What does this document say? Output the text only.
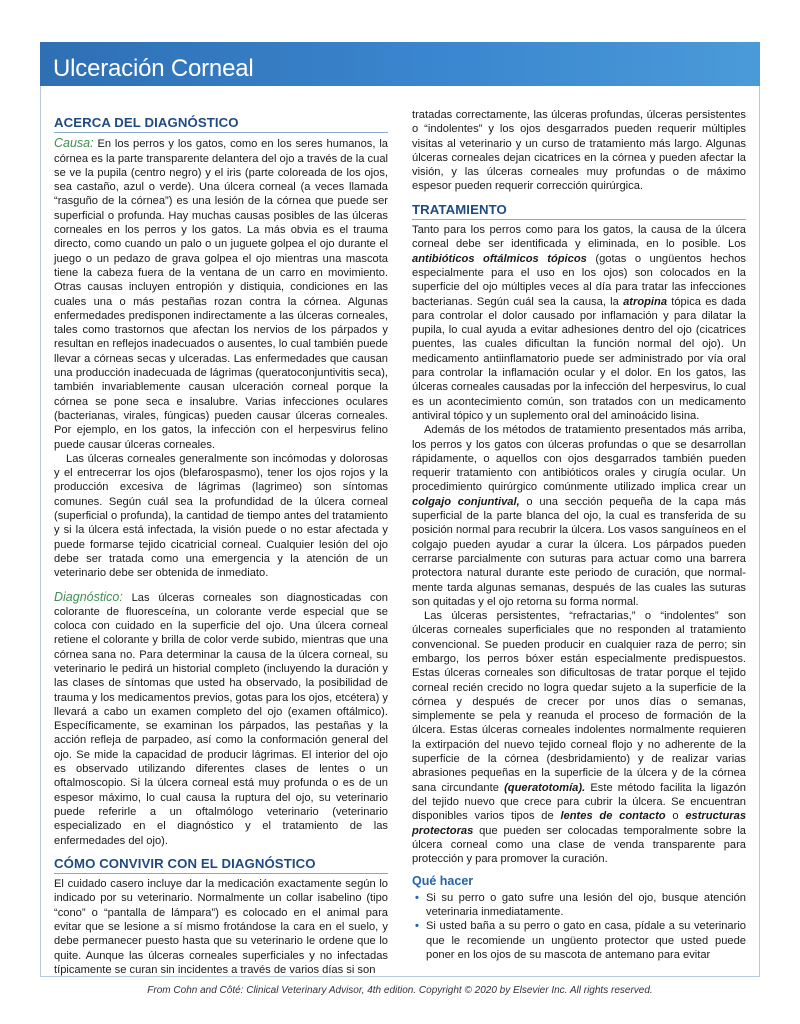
Ulceración Corneal
ACERCA DEL DIAGNÓSTICO

Causa: En los perros y los gatos, como en los seres humanos, la córnea es la parte transparente delantera del ojo a través de la cual se ve la pupila (centro negro) y el iris (parte coloreada de los ojos, sea castaño, azul o verde). Una úlcera corneal (a veces llamada “rasguño de la córnea”) es una lesión de la córnea que puede ser superficial o profunda. Hay muchas causas posibles de las úlceras corneales en los perros y los gatos. La más obvia es el trauma directo, como cuando un palo o un juguete golpea el ojo durante el juego o un pedazo de grava golpea el ojo mientras una mascota tiene la cabeza fuera de la ventana de un carro en movimiento. Otras causas incluyen entropión y distiquia, condiciones en las cuales una o más pestañas rozan contra la córnea. Algunas enfermedades predisponen indirectamente a las úlceras corneales, tales como trastornos que afectan los nervios de los párpados y resultan en reflejos inadecuados o ausentes, lo cual también puede llevar a córneas secas y ulceradas. Las enfermedades que causan una producción inadecuada de lágrimas (queratoconjuntivitis seca), también invariablemente causan ulceración corneal porque la córnea se pone seca e insalubre. Varias infecciones oculares (bacterianas, virales, fúngicas) pueden causar úlceras corneales. Por ejemplo, en los gatos, la infección con el herpesvirus felino puede causar úlceras corneales.

Las úlceras corneales generalmente son incómodas y dolorosas y el entrecerrar los ojos (blefarospasmo), tener los ojos rojos y la producción excesiva de lágrimas (lagrimeo) son síntomas comunes. Según cuál sea la profundidad de la úlcera corneal (superficial o profunda), la cantidad de tiempo antes del tratamiento y si la úlcera está infectada, la visión puede o no estar afectada y puede formarse tejido cicatricial corneal. Cualquier lesión del ojo debe ser tratada como una emergencia y la atención de un veterinario debe ser obtenida de inmediato.

Diagnóstico: Las úlceras corneales son diagnosticadas con colorante de fluoresceína, un colorante verde especial que se coloca con cuidado en la superficie del ojo. Una úlcera corneal retiene el colorante y brilla de color verde subido, mientras que una córnea sana no. Para determinar la causa de la úlcera corneal, su veterinario le pedirá un historial completo (incluyendo la duración y las clases de síntomas que usted ha observado, la posibilidad de trauma y los medicamentos previos, gotas para los ojos, etcétera) y llevará a cabo un examen completo del ojo (examen oftálmico). Específicamente, se examinan los párpados, las pestañas y la acción refleja de parpadeo, así como la conformación general del ojo. Se mide la capacidad de producir lágrimas. El interior del ojo es observado utilizando diferentes clases de lentes o un oftalmoscopio. Si la úlcera corneal está muy profunda o es de un espesor máximo, lo cual causa la ruptura del ojo, su veterinario puede referirle a un oftalmólogo veterinario (veterinario especializado en el diagnóstico y el tratamiento de las enfermedades del ojo).

CÓMO CONVIVIR CON EL DIAGNÓSTICO

El cuidado casero incluye dar la medicación exactamente según lo indicado por su veterinario. Normalmente un collar isabelino (tipo “cono” o “pantalla de lámpara”) es colocado en el animal para evitar que se lesione a sí mismo frotándose la cara en el suelo, y debe permanecer puesto hasta que su veterinario le ordene que lo quite. Aunque las úlceras corneales superficiales y no infectadas típicamente se curan sin incidentes a través de varios días si son

tratadas correctamente, las úlceras profundas, úlceras persistentes o “indolentes” y los ojos desgarrados pueden requerir múltiples visitas al veterinario y un curso de tratamiento más largo. Algunas úlceras corneales dejan cicatrices en la córnea y pueden afectar la visión, y las úlceras corneales muy profundas o de máximo espesor pueden requerir corrección quirúrgica.

TRATAMIENTO

Tanto para los perros como para los gatos, la causa de la úlcera corneal debe ser identificada y eliminada, en lo posible. Los antibióticos oftálmicos tópicos (gotas o ungüentos hechos especialmente para el uso en los ojos) son colocados en la superficie del ojo múltiples veces al día para tratar las infecciones bacterianas. Según cuál sea la causa, la atropina tópica es dada para controlar el dolor causado por inflamación y para dilatar la pupila, lo cual ayuda a evitar adhesiones dentro del ojo (cicatrices puentes, las cuales dificultan la función normal del ojo). Un medicamento antiinflamatorio puede ser administrado por vía oral para controlar la inflamación ocular y el dolor. En los gatos, las úlceras corneales causadas por la infección del herpesvirus, lo cual es un acontecimiento común, son tratados con un medicamento antiviral tópico y un suplemento oral del aminoácido lisina.

Además de los métodos de tratamiento presentados más arriba, los perros y los gatos con úlceras profundas o que se desarrollan rápidamente, o aquellos con ojos desgarrados también pueden requerir tratamiento con antibióticos orales y cirugía ocular. Un procedimiento quirúrgico comúnmente utilizado implica crear un colgajo conjuntival, o una sección pequeña de la capa más superficial de la parte blanca del ojo, la cual es transferida de su posición normal para recubrir la úlcera. Los vasos sanguíneos en el colgajo pueden ayudar a curar la úlcera. Los párpados pueden cerrarse parcialmente con suturas para actuar como una barrera protectora natural durante este periodo de curación, que normalmente tarda algunas semanas, después de las cuales las suturas son quitadas y el ojo retorna su forma normal.

Las úlceras persistentes, “refractarias,” o “indolentes” son úlceras corneales superficiales que no responden al tratamiento convencional. Se pueden producir en cualquier raza de perro; sin embargo, los perros bóxer están especialmente predispuestos. Estas úlceras corneales son dificultosas de tratar porque el tejido corneal recién crecido no logra quedar sujeto a la superficie de la córnea y después de crecer por unos días o semanas, simplemente se pela y reanuda el proceso de formación de la úlcera. Estas úlceras corneales indolentes normalmente requieren la extirpación del nuevo tejido corneal flojo y no adherente de la superficie de la córnea (desbridamiento) y de realizar varias abrasiones pequeñas en la superficie de la úlcera y de la córnea sana circundante (queratotomía). Este método facilita la ligazón del tejido nuevo que crece para cubrir la úlcera. Se encuentran disponibles varios tipos de lentes de contacto o estructuras protectoras que pueden ser colocadas temporalmente sobre la úlcera corneal como una clase de venda transparente para protección y para promover la curación.

Qué hacer
• Si su perro o gato sufre una lesión del ojo, busque atención veterinaria inmediatamente.
• Si usted baña a su perro o gato en casa, pídale a su veterinario que le recomiende un ungüento protector que usted puede poner en los ojos de su mascota de antemano para evitar
From Cohn and Côté: Clinical Veterinary Advisor, 4th edition. Copyright © 2020 by Elsevier Inc. All rights reserved.
